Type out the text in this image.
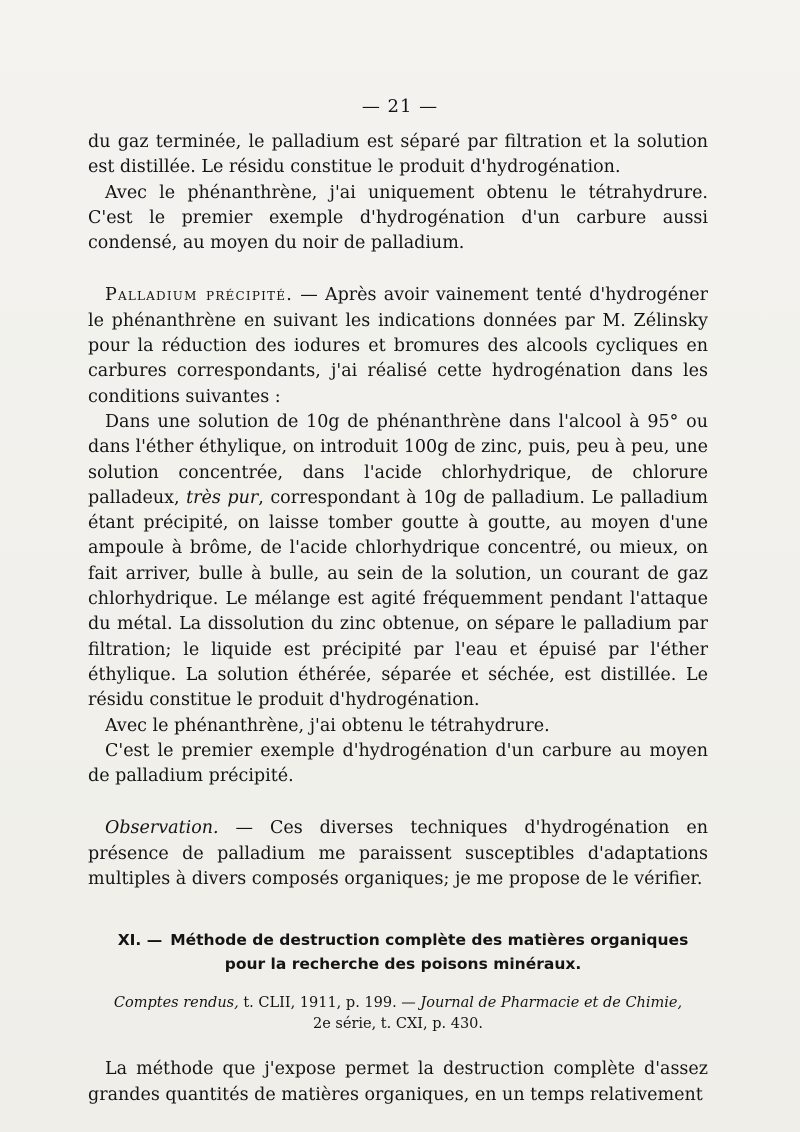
— 21 —

du gaz terminée, le palladium est séparé par filtration et la solution est distillée. Le résidu constitue le produit d'hydrogénation.

Avec le phénanthrène, j'ai uniquement obtenu le tétrahydrure. C'est le premier exemple d'hydrogénation d'un carbure aussi condensé, au moyen du noir de palladium.

Palladium précipité. — Après avoir vainement tenté d'hydrogéner le phénanthrène en suivant les indications données par M. Zélinsky pour la réduction des iodures et bromures des alcools cycliques en carbures correspondants, j'ai réalisé cette hydrogénation dans les conditions suivantes :

Dans une solution de 10g de phénanthrène dans l'alcool à 95° ou dans l'éther éthylique, on introduit 100g de zinc, puis, peu à peu, une solution concentrée, dans l'acide chlorhydrique, de chlorure palladeux, très pur, correspondant à 10g de palladium. Le palladium étant précipité, on laisse tomber goutte à goutte, au moyen d'une ampoule à brôme, de l'acide chlorhydrique concentré, ou mieux, on fait arriver, bulle à bulle, au sein de la solution, un courant de gaz chlorhydrique. Le mélange est agité fréquemment pendant l'attaque du métal. La dissolution du zinc obtenue, on sépare le palladium par filtration; le liquide est précipité par l'eau et épuisé par l'éther éthylique. La solution éthérée, séparée et séchée, est distillée. Le résidu constitue le produit d'hydrogénation.

Avec le phénanthrène, j'ai obtenu le tétrahydrure.

C'est le premier exemple d'hydrogénation d'un carbure au moyen de palladium précipité.

Observation. — Ces diverses techniques d'hydrogénation en présence de palladium me paraissent susceptibles d'adaptations multiples à divers composés organiques; je me propose de le vérifier.

XI. — Méthode de destruction complète des matières organiques
pour la recherche des poisons minéraux.
Comptes rendus, t. CLII, 1911, p. 199. — Journal de Pharmacie et de Chimie,
2e série, t. CXI, p. 430.

La méthode que j'expose permet la destruction complète d'assez grandes quantités de matières organiques, en un temps relativement
